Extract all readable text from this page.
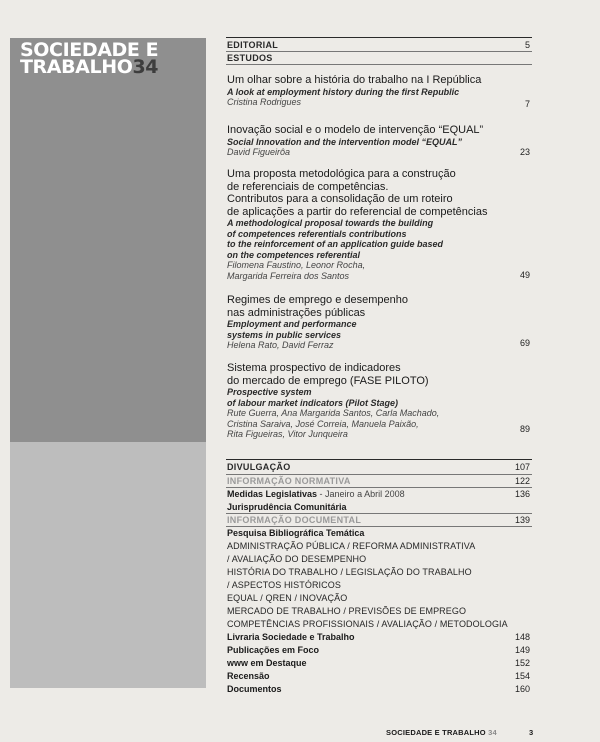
SOCIEDADE E
TRABALHO34
EDITORIAL	5
ESTUDOS
Um olhar sobre a história do trabalho na I República
A look at employment history during the first Republic
Cristina Rodrigues	7
Inovação social e o modelo de intervenção “EQUAL”
Social Innovation and the intervention model “EQUAL”
David Figueirôa	23
Uma proposta metodológica para a construção
de referenciais de competências.
Contributos para a consolidação de um roteiro
de aplicações a partir do referencial de competências
A methodological proposal towards the building
of competences referentials contributions
to the reinforcement of an application guide based
on the competences referential
Filomena Faustino, Leonor Rocha,
Margarida Ferreira dos Santos	49
Regimes de emprego e desempenho
nas administrações públicas
Employment and performance
systems in public services
Helena Rato, David Ferraz	69
Sistema prospectivo de indicadores
do mercado de emprego (FASE PILOTO)
Prospective system
of labour market indicators (Pilot Stage)
Rute Guerra, Ana Margarida Santos, Carla Machado,
Cristina Saraiva, José Correia, Manuela Paixão,
Rita Figueiras, Vitor Junqueira	89
DIVULGAÇÃO	107
INFORMAÇÃO NORMATIVA	122
Medidas Legislativas - Janeiro a Abril 2008	136
Jurisprudência Comunitária
INFORMAÇÃO DOCUMENTAL	139
Pesquisa Bibliográfica Temática
ADMINISTRAÇÃO PÚBLICA / REFORMA ADMINISTRATIVA
/ AVALIAÇÃO DO DESEMPENHO
HISTÓRIA DO TRABALHO / LEGISLAÇÃO DO TRABALHO
/ ASPECTOS HISTÓRICOS
EQUAL / QREN / INOVAÇÃO
MERCADO DE TRABALHO / PREVISÕES DE EMPREGO
COMPETÊNCIAS PROFISSIONAIS / AVALIAÇÃO / METODOLOGIA
Livraria Sociedade e Trabalho	148
Publicações em Foco	149
www em Destaque	152
Recensão	154
Documentos	160
SOCIEDADE E TRABALHO 34	3
